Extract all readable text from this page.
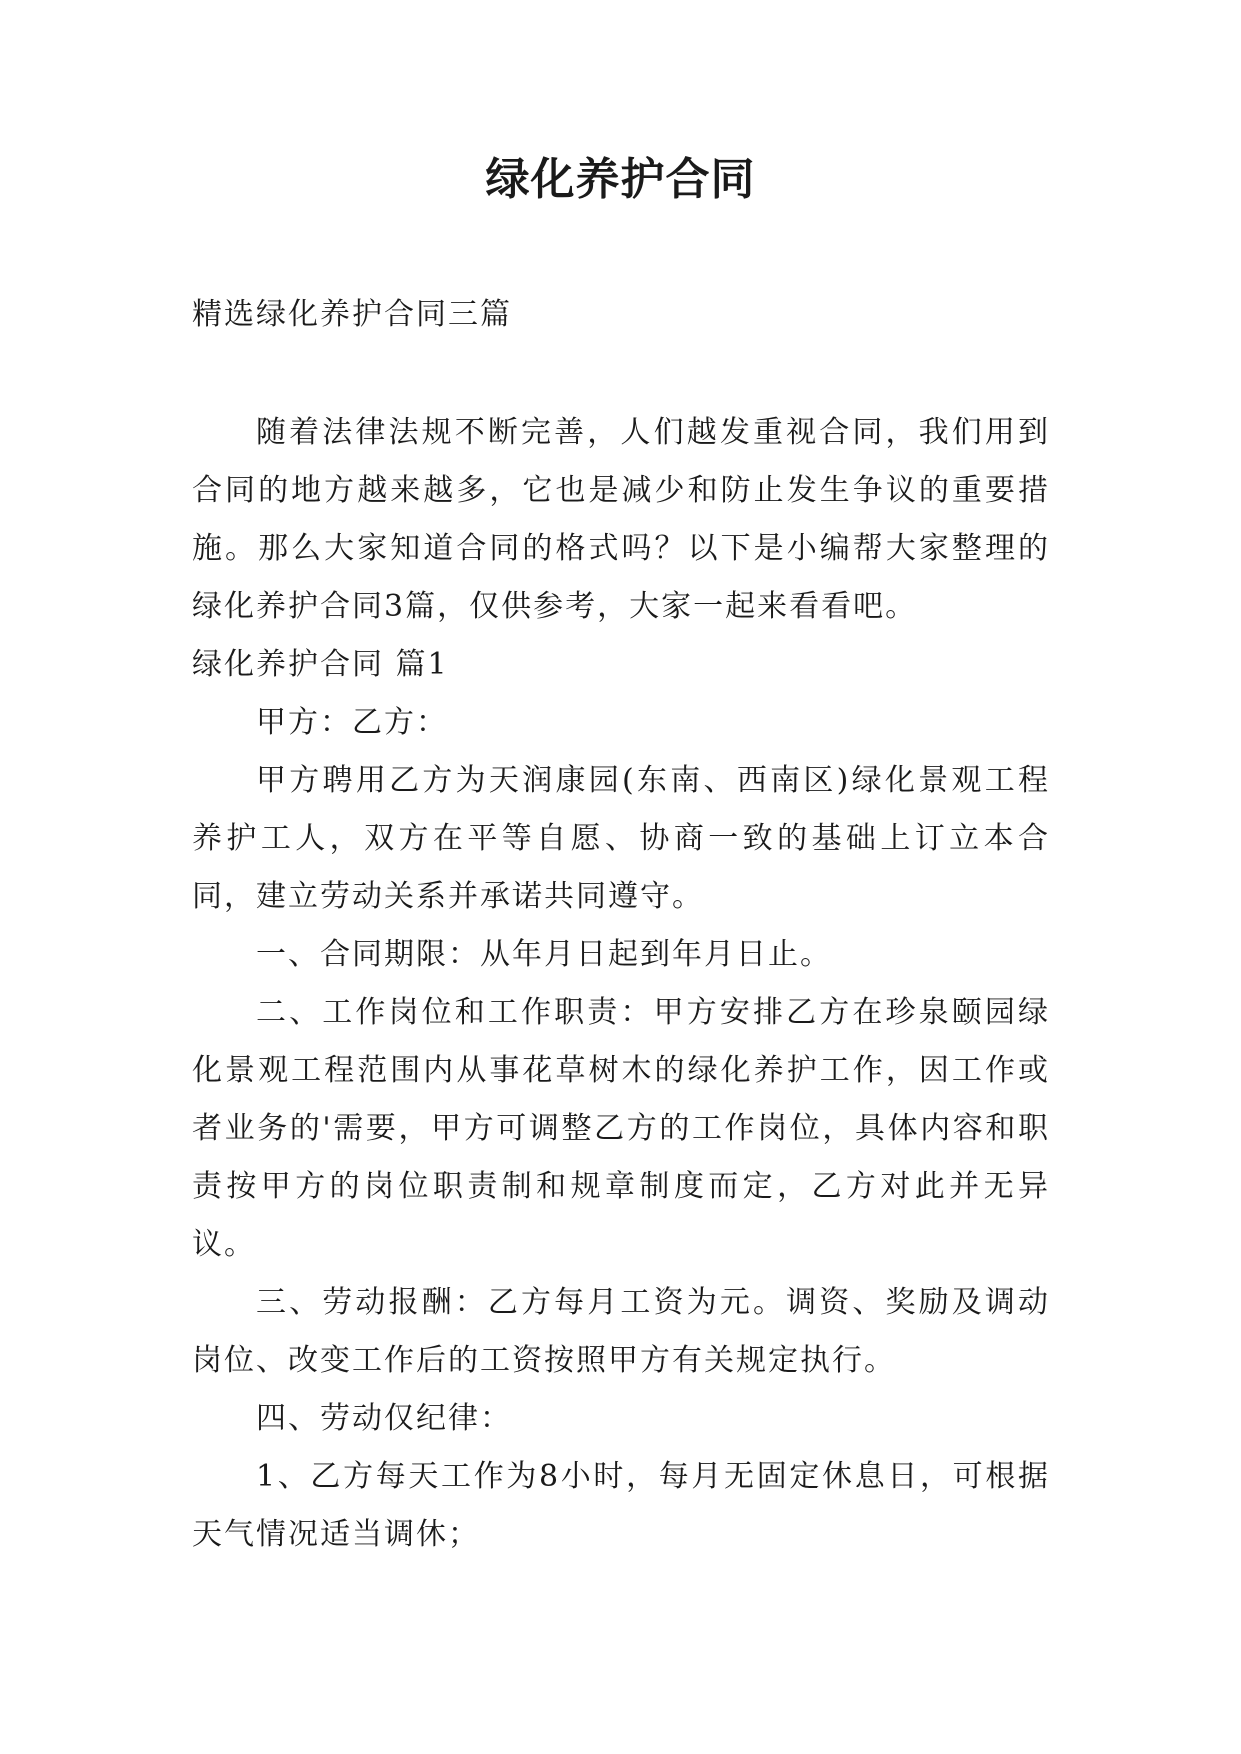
绿化养护合同
精选绿化养护合同三篇

随着法律法规不断完善，人们越发重视合同，我们用到合同的地方越来越多，它也是减少和防止发生争议的重要措施。那么大家知道合同的格式吗？以下是小编帮大家整理的绿化养护合同3篇，仅供参考，大家一起来看看吧。

绿化养护合同 篇1

甲方：乙方：

甲方聘用乙方为天润康园(东南、西南区)绿化景观工程养护工人，双方在平等自愿、协商一致的基础上订立本合同，建立劳动关系并承诺共同遵守。

一、合同期限：从年月日起到年月日止。

二、工作岗位和工作职责：甲方安排乙方在珍泉颐园绿化景观工程范围内从事花草树木的绿化养护工作，因工作或者业务的'需要，甲方可调整乙方的工作岗位，具体内容和职责按甲方的岗位职责制和规章制度而定，乙方对此并无异议。

三、劳动报酬：乙方每月工资为元。调资、奖励及调动岗位、改变工作后的工资按照甲方有关规定执行。

四、劳动仅纪律：

1、乙方每天工作为8小时，每月无固定休息日，可根据天气情况适当调休；
